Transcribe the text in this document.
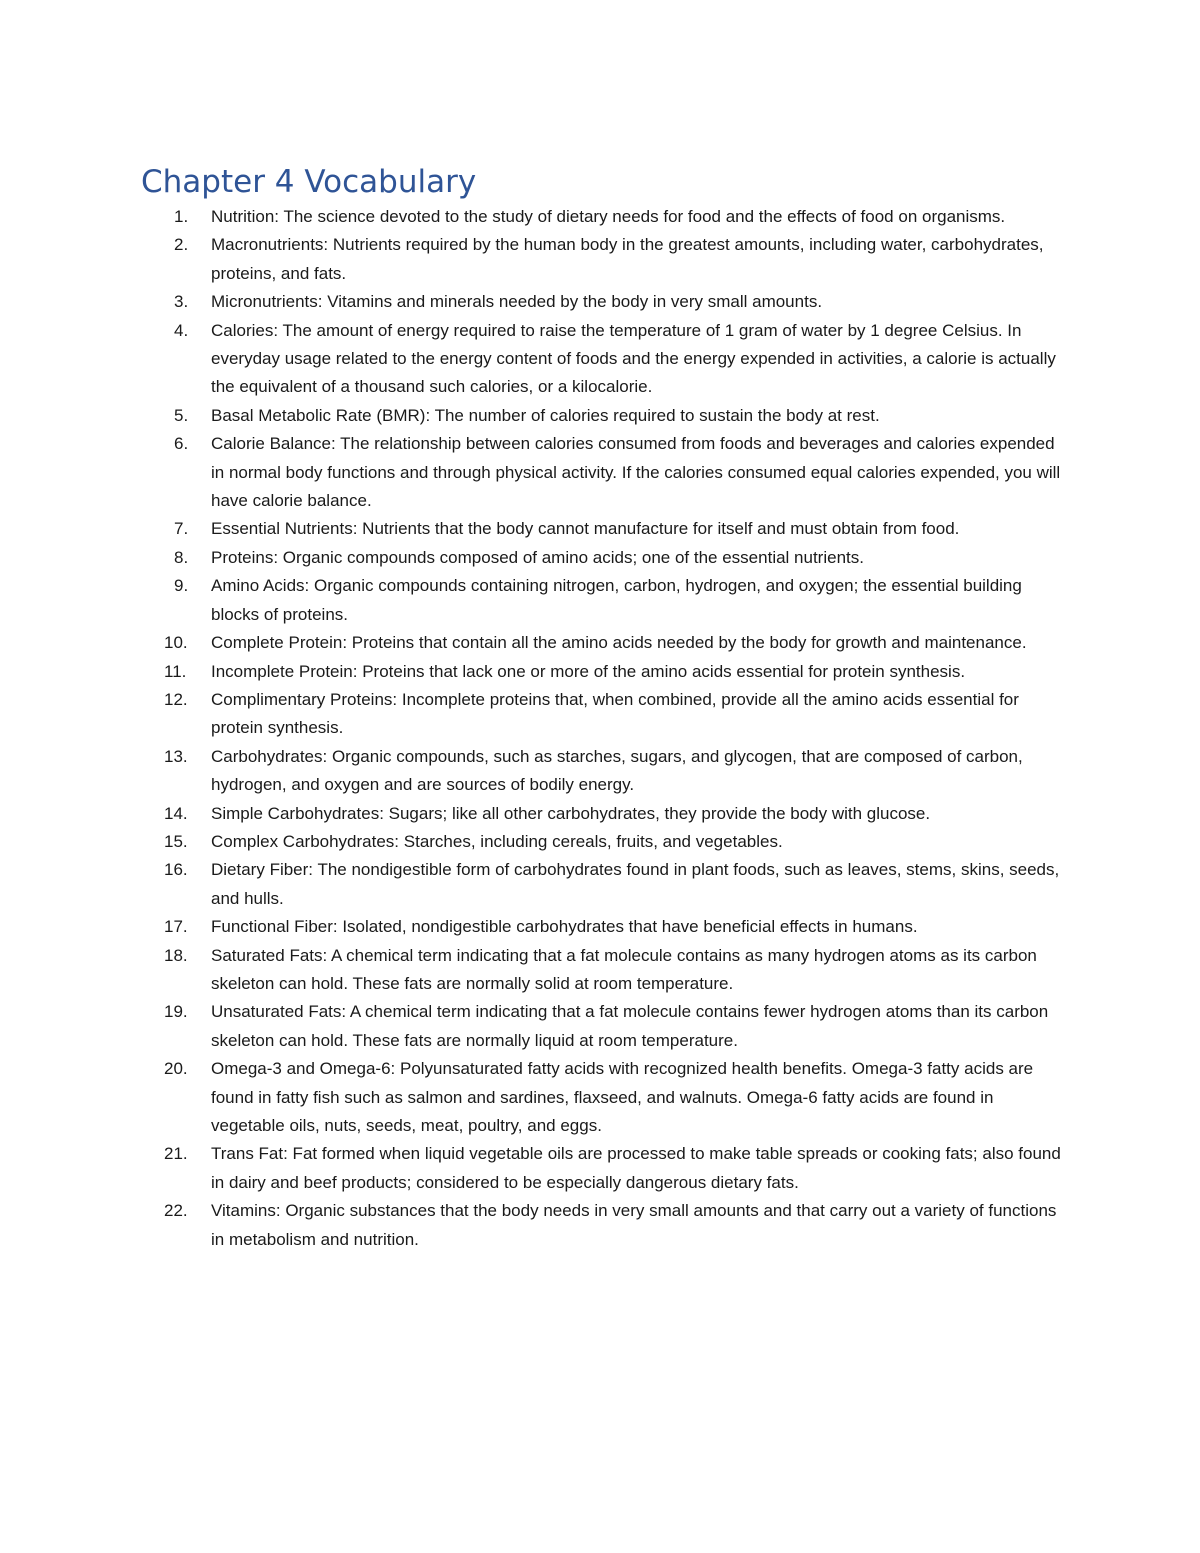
Chapter 4 Vocabulary
1. Nutrition: The science devoted to the study of dietary needs for food and the effects of food on organisms.
2. Macronutrients: Nutrients required by the human body in the greatest amounts, including water, carbohydrates, proteins, and fats.
3. Micronutrients: Vitamins and minerals needed by the body in very small amounts.
4. Calories: The amount of energy required to raise the temperature of 1 gram of water by 1 degree Celsius. In everyday usage related to the energy content of foods and the energy expended in activities, a calorie is actually the equivalent of a thousand such calories, or a kilocalorie.
5. Basal Metabolic Rate (BMR): The number of calories required to sustain the body at rest.
6. Calorie Balance: The relationship between calories consumed from foods and beverages and calories expended in normal body functions and through physical activity. If the calories consumed equal calories expended, you will have calorie balance.
7. Essential Nutrients: Nutrients that the body cannot manufacture for itself and must obtain from food.
8. Proteins: Organic compounds composed of amino acids; one of the essential nutrients.
9. Amino Acids: Organic compounds containing nitrogen, carbon, hydrogen, and oxygen; the essential building blocks of proteins.
10. Complete Protein: Proteins that contain all the amino acids needed by the body for growth and maintenance.
11. Incomplete Protein: Proteins that lack one or more of the amino acids essential for protein synthesis.
12. Complimentary Proteins: Incomplete proteins that, when combined, provide all the amino acids essential for protein synthesis.
13. Carbohydrates: Organic compounds, such as starches, sugars, and glycogen, that are composed of carbon, hydrogen, and oxygen and are sources of bodily energy.
14. Simple Carbohydrates: Sugars; like all other carbohydrates, they provide the body with glucose.
15. Complex Carbohydrates: Starches, including cereals, fruits, and vegetables.
16. Dietary Fiber: The nondigestible form of carbohydrates found in plant foods, such as leaves, stems, skins, seeds, and hulls.
17. Functional Fiber: Isolated, nondigestible carbohydrates that have beneficial effects in humans.
18. Saturated Fats: A chemical term indicating that a fat molecule contains as many hydrogen atoms as its carbon skeleton can hold. These fats are normally solid at room temperature.
19. Unsaturated Fats: A chemical term indicating that a fat molecule contains fewer hydrogen atoms than its carbon skeleton can hold. These fats are normally liquid at room temperature.
20. Omega-3 and Omega-6: Polyunsaturated fatty acids with recognized health benefits. Omega-3 fatty acids are found in fatty fish such as salmon and sardines, flaxseed, and walnuts. Omega-6 fatty acids are found in vegetable oils, nuts, seeds, meat, poultry, and eggs.
21. Trans Fat: Fat formed when liquid vegetable oils are processed to make table spreads or cooking fats; also found in dairy and beef products; considered to be especially dangerous dietary fats.
22. Vitamins: Organic substances that the body needs in very small amounts and that carry out a variety of functions in metabolism and nutrition.
